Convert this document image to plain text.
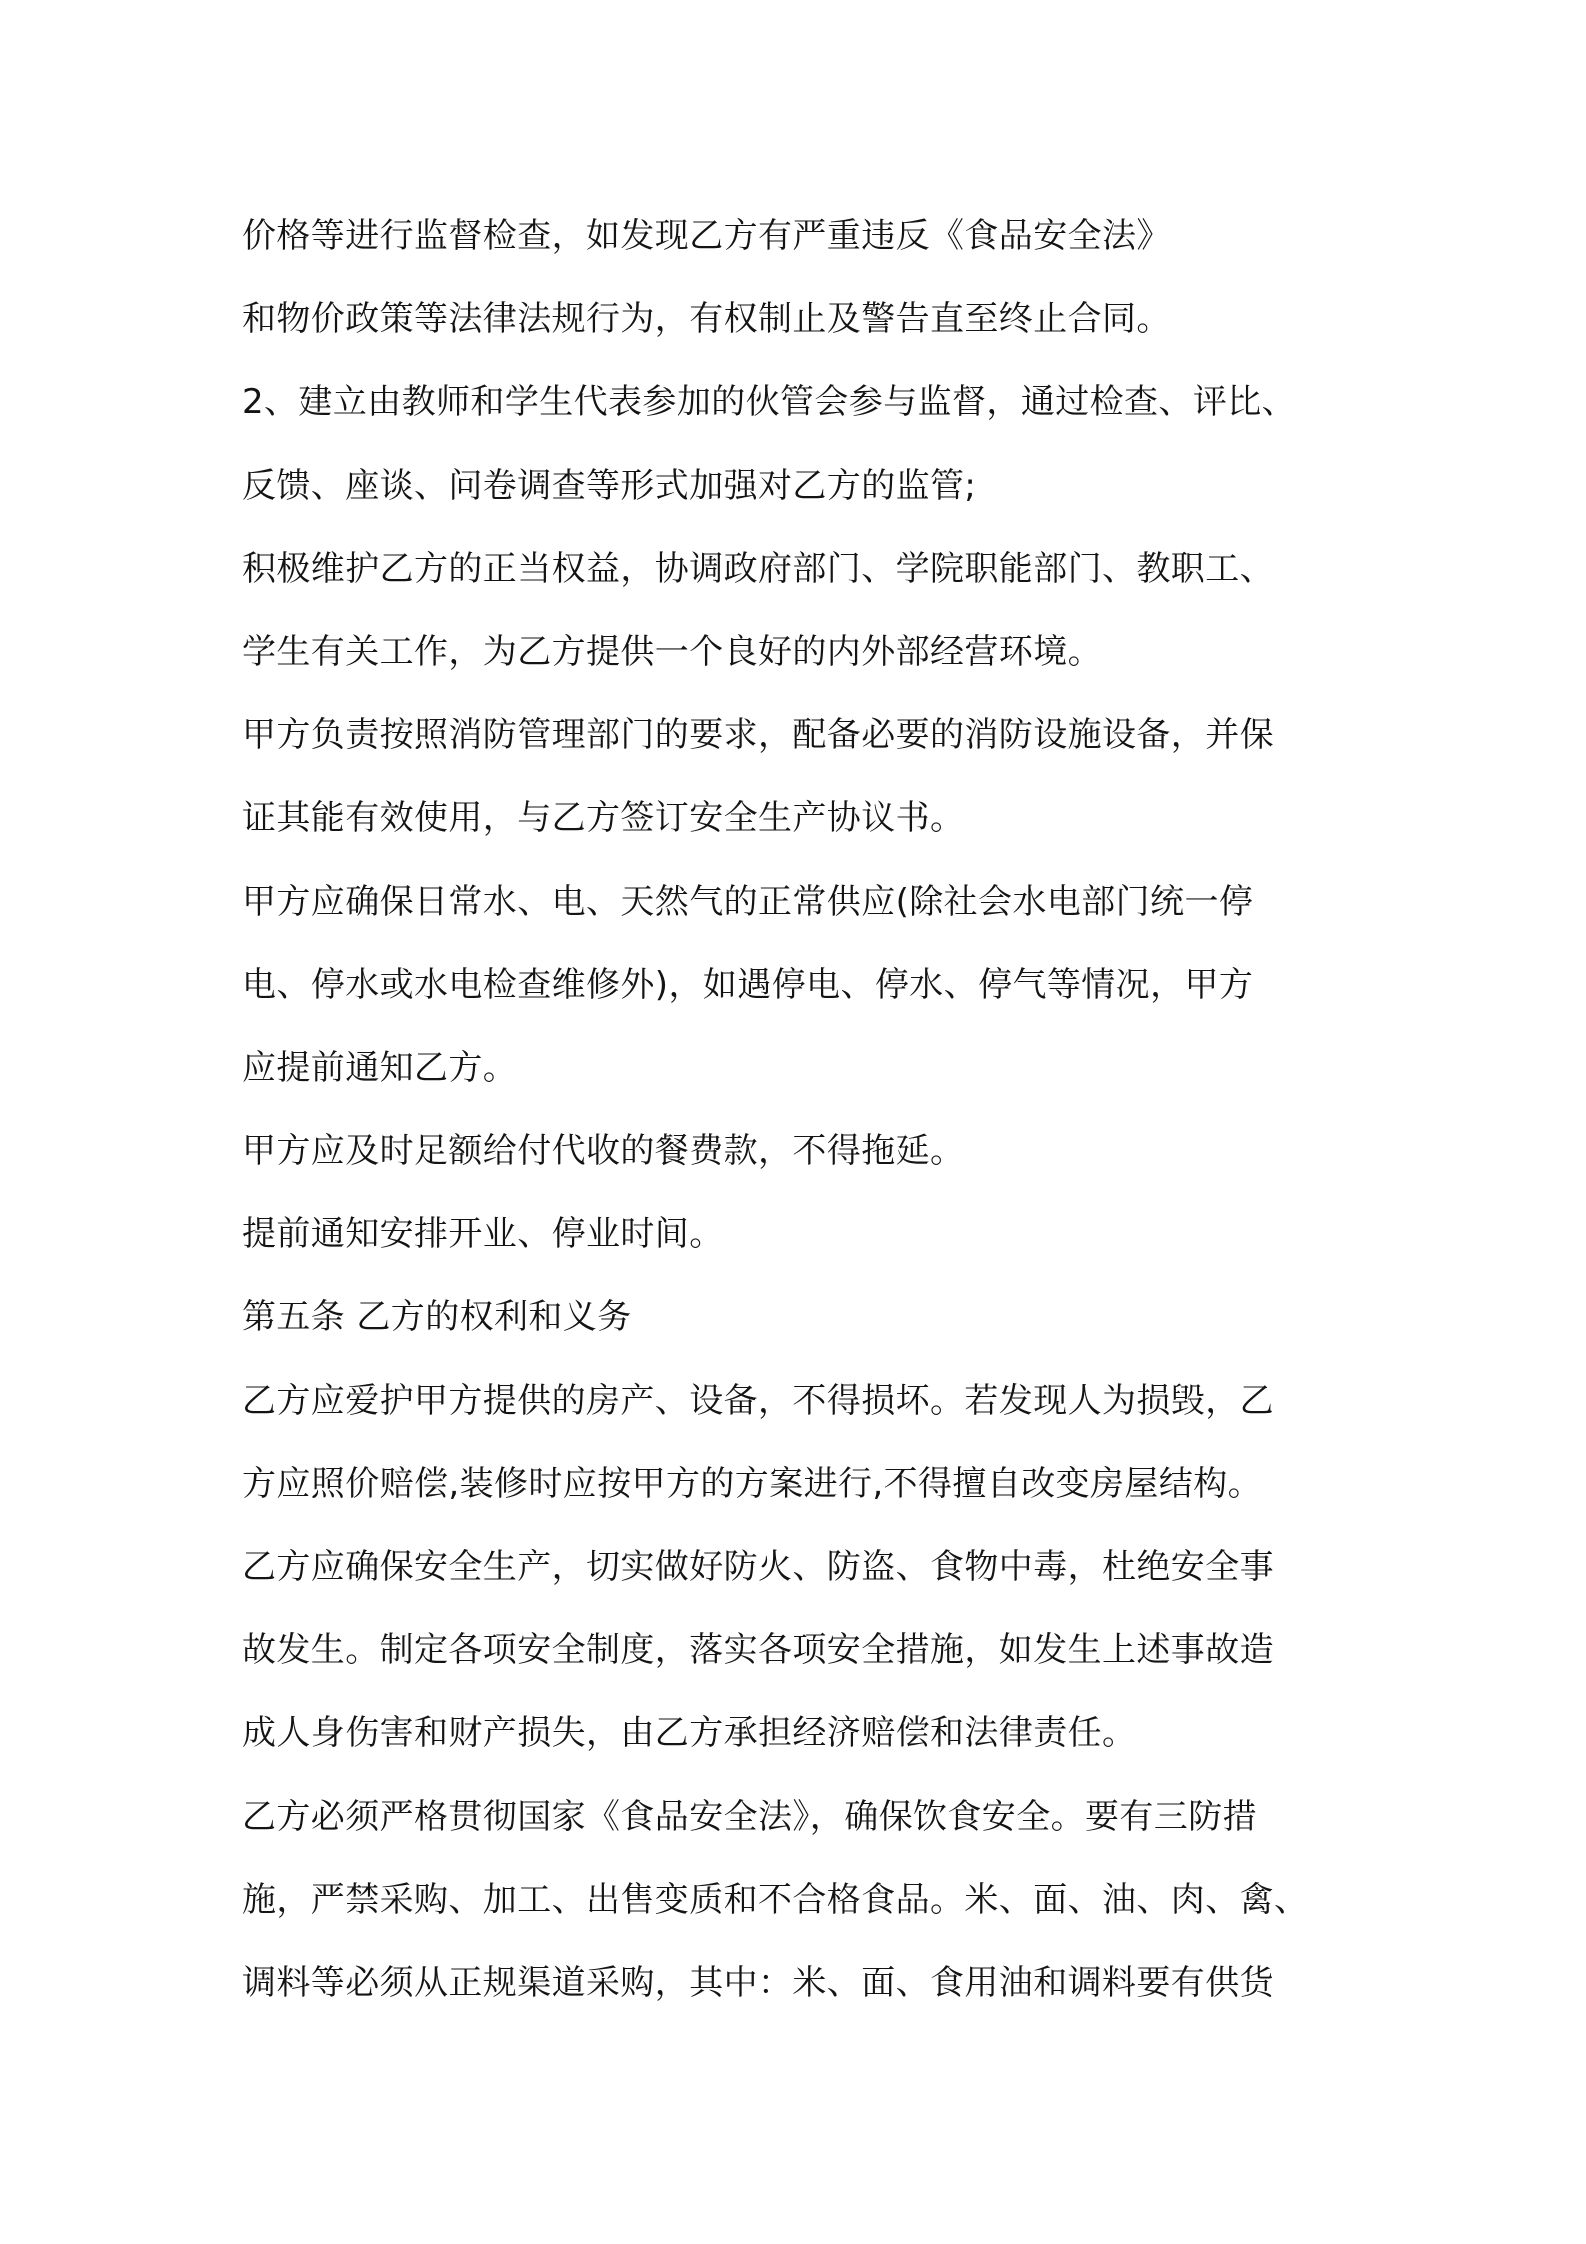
价格等进行监督检查，如发现乙方有严重违反《食品安全法》
和物价政策等法律法规行为，有权制止及警告直至终止合同。
2、建立由教师和学生代表参加的伙管会参与监督，通过检查、评比、
反馈、座谈、问卷调查等形式加强对乙方的监管;
积极维护乙方的正当权益，协调政府部门、学院职能部门、教职工、
学生有关工作，为乙方提供一个良好的内外部经营环境。
甲方负责按照消防管理部门的要求，配备必要的消防设施设备，并保
证其能有效使用，与乙方签订安全生产协议书。
甲方应确保日常水、电、天然气的正常供应(除社会水电部门统一停
电、停水或水电检查维修外)，如遇停电、停水、停气等情况，甲方
应提前通知乙方。
甲方应及时足额给付代收的餐费款，不得拖延。
提前通知安排开业、停业时间。
第五条 乙方的权利和义务
乙方应爱护甲方提供的房产、设备，不得损坏。若发现人为损毁，乙
方应照价赔偿,装修时应按甲方的方案进行,不得擅自改变房屋结构。
乙方应确保安全生产，切实做好防火、防盗、食物中毒，杜绝安全事
故发生。制定各项安全制度，落实各项安全措施，如发生上述事故造
成人身伤害和财产损失，由乙方承担经济赔偿和法律责任。
乙方必须严格贯彻国家《食品安全法》，确保饮食安全。要有三防措
施，严禁采购、加工、出售变质和不合格食品。米、面、油、肉、禽、
调料等必须从正规渠道采购，其中：米、面、食用油和调料要有供货
